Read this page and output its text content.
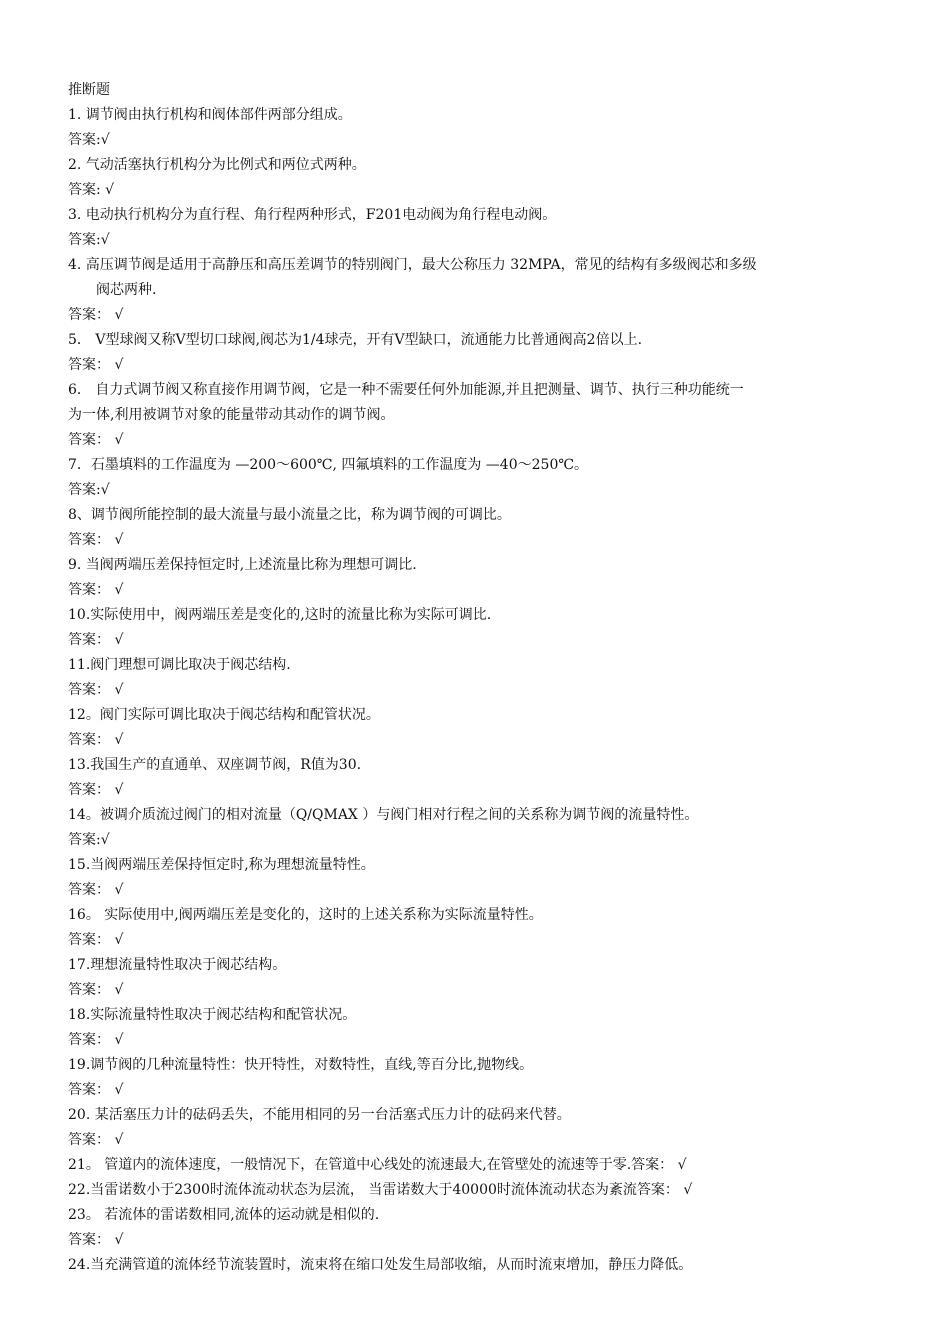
推断题
1. 调节阀由执行机构和阀体部件两部分组成。
答案:√
2. 气动活塞执行机构分为比例式和两位式两种。
答案: √
3. 电动执行机构分为直行程、角行程两种形式，F201电动阀为角行程电动阀。
答案:√
4. 高压调节阀是适用于高静压和高压差调节的特别阀门，最大公称压力 32MPA，常见的结构有多级阀芯和多级
阀芯两种.
答案： √
5． V型球阀又称V型切口球阀,阀芯为1/4球壳，开有V型缺口，流通能力比普通阀高2倍以上.
答案： √
6． 自力式调节阀又称直接作用调节阀，它是一种不需要任何外加能源,并且把测量、调节、执行三种功能统一
为一体,利用被调节对象的能量带动其动作的调节阀。
答案： √
7．石墨填料的工作温度为 —200～600℃, 四氟填料的工作温度为 —40～250℃。
答案:√
8、调节阀所能控制的最大流量与最小流量之比，称为调节阀的可调比。
答案： √
9. 当阀两端压差保持恒定时,上述流量比称为理想可调比.
答案： √
10.实际使用中，阀两端压差是变化的,这时的流量比称为实际可调比.
答案： √
11.阀门理想可调比取决于阀芯结构.
答案： √
12。阀门实际可调比取决于阀芯结构和配管状况。
答案： √
13.我国生产的直通单、双座调节阀，R值为30.
答案： √
14。被调介质流过阀门的相对流量（Q/QMAX ）与阀门相对行程之间的关系称为调节阀的流量特性。
答案:√
15.当阀两端压差保持恒定时,称为理想流量特性。
答案： √
16。 实际使用中,阀两端压差是变化的，这时的上述关系称为实际流量特性。
答案： √
17.理想流量特性取决于阀芯结构。
答案： √
18.实际流量特性取决于阀芯结构和配管状况。
答案： √
19.调节阀的几种流量特性：快开特性，对数特性，直线,等百分比,抛物线。
答案： √
20. 某活塞压力计的砝码丢失，不能用相同的另一台活塞式压力计的砝码来代替。
答案： √
21。 管道内的流体速度，一般情况下，在管道中心线处的流速最大,在管壁处的流速等于零.答案： √
22.当雷诺数小于2300时流体流动状态为层流， 当雷诺数大于40000时流体流动状态为紊流答案： √
23。 若流体的雷诺数相同,流体的运动就是相似的.
答案： √
24.当充满管道的流体经节流装置时，流束将在缩口处发生局部收缩，从而时流束增加，静压力降低。
